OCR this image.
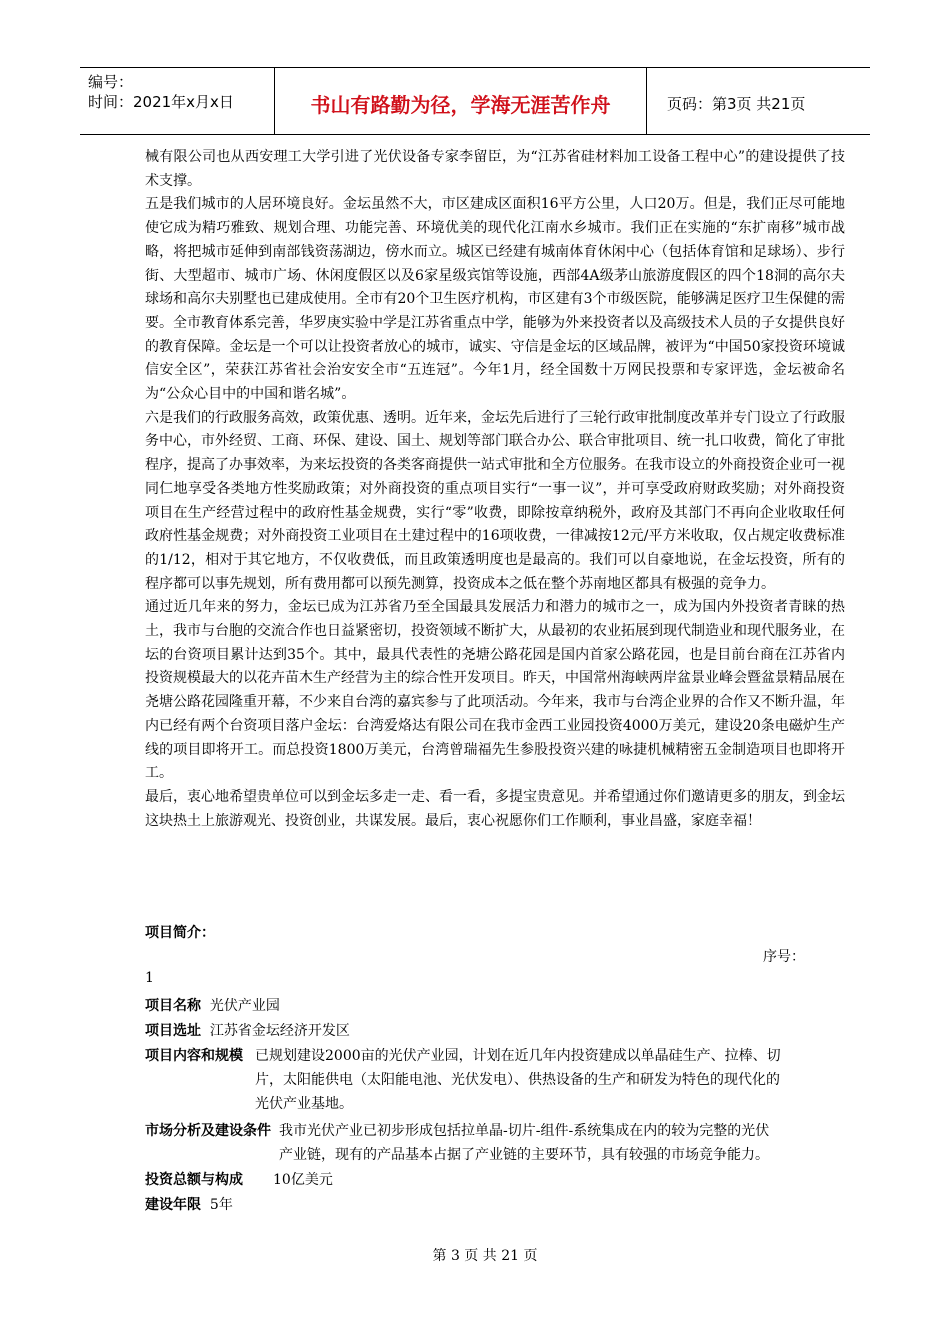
编号：
时间：2021年x月x日	书山有路勤为径，学海无涯苦作舟	页码：第3页 共21页

械有限公司也从西安理工大学引进了光伏设备专家李留臣，为“江苏省硅材料加工设备工程中心”的建设提供了技术支撑。

五是我们城市的人居环境良好。金坛虽然不大，市区建成区面积16平方公里，人口20万。但是，我们正尽可能地使它成为精巧雅致、规划合理、功能完善、环境优美的现代化江南水乡城市。我们正在实施的“东扩南移”城市战略，将把城市延伸到南部钱资荡湖边，傍水而立。城区已经建有城南体育休闲中心（包括体育馆和足球场）、步行街、大型超市、城市广场、休闲度假区以及6家星级宾馆等设施，西部4A级茅山旅游度假区的四个18洞的高尔夫球场和高尔夫别墅也已建成使用。全市有20个卫生医疗机构，市区建有3个市级医院，能够满足医疗卫生保健的需要。全市教育体系完善，华罗庚实验中学是江苏省重点中学，能够为外来投资者以及高级技术人员的子女提供良好的教育保障。金坛是一个可以让投资者放心的城市，诚实、守信是金坛的区域品牌，被评为“中国50家投资环境诚信安全区”，荣获江苏省社会治安安全市“五连冠”。今年1月，经全国数十万网民投票和专家评选，金坛被命名为“公众心目中的中国和谐名城”。

六是我们的行政服务高效，政策优惠、透明。近年来，金坛先后进行了三轮行政审批制度改革并专门设立了行政服务中心，市外经贸、工商、环保、建设、国土、规划等部门联合办公、联合审批项目、统一扎口收费，简化了审批程序，提高了办事效率，为来坛投资的各类客商提供一站式审批和全方位服务。在我市设立的外商投资企业可一视同仁地享受各类地方性奖励政策；对外商投资的重点项目实行“一事一议”，并可享受政府财政奖励；对外商投资项目在生产经营过程中的政府性基金规费，实行“零”收费，即除按章纳税外，政府及其部门不再向企业收取任何政府性基金规费；对外商投资工业项目在土建过程中的16项收费，一律减按12元/平方米收取，仅占规定收费标准的1/12，相对于其它地方，不仅收费低，而且政策透明度也是最高的。我们可以自豪地说，在金坛投资，所有的程序都可以事先规划，所有费用都可以预先测算，投资成本之低在整个苏南地区都具有极强的竞争力。

通过近几年来的努力，金坛已成为江苏省乃至全国最具发展活力和潜力的城市之一，成为国内外投资者青睐的热土，我市与台胞的交流合作也日益紧密切，投资领域不断扩大，从最初的农业拓展到现代制造业和现代服务业，在坛的台资项目累计达到35个。其中，最具代表性的尧塘公路花园是国内首家公路花园，也是目前台商在江苏省内投资规模最大的以花卉苗木生产经营为主的综合性开发项目。昨天，中国常州海峡两岸盆景业峰会暨盆景精品展在尧塘公路花园隆重开幕，不少来自台湾的嘉宾参与了此项活动。今年来，我市与台湾企业界的合作又不断升温，年内已经有两个台资项目落户金坛：台湾爱烙达有限公司在我市金西工业园投资4000万美元，建设20条电磁炉生产线的项目即将开工。而总投资1800万美元，台湾曾瑞福先生参股投资兴建的咏捷机械精密五金制造项目也即将开工。

最后，衷心地希望贵单位可以到金坛多走一走、看一看，多提宝贵意见。并希望通过你们邀请更多的朋友，到金坛这块热土上旅游观光、投资创业，共谋发展。最后，衷心祝愿你们工作顺利，事业昌盛，家庭幸福！

项目简介：
序号：
1
项目名称 光伏产业园
项目选址 江苏省金坛经济开发区
项目内容和规模 已规划建设2000亩的光伏产业园，计划在近几年内投资建成以单晶硅生产、拉棒、切
片，太阳能供电（太阳能电池、光伏发电）、供热设备的生产和研发为特色的现代化的
光伏产业基地。
市场分析及建设条件 我市光伏产业已初步形成包括拉单晶-切片-组件-系统集成在内的较为完整的光伏
产业链，现有的产品基本占据了产业链的主要环节，具有较强的市场竞争能力。
投资总额与构成 10亿美元
建设年限 5年
第 3 页 共 21 页
